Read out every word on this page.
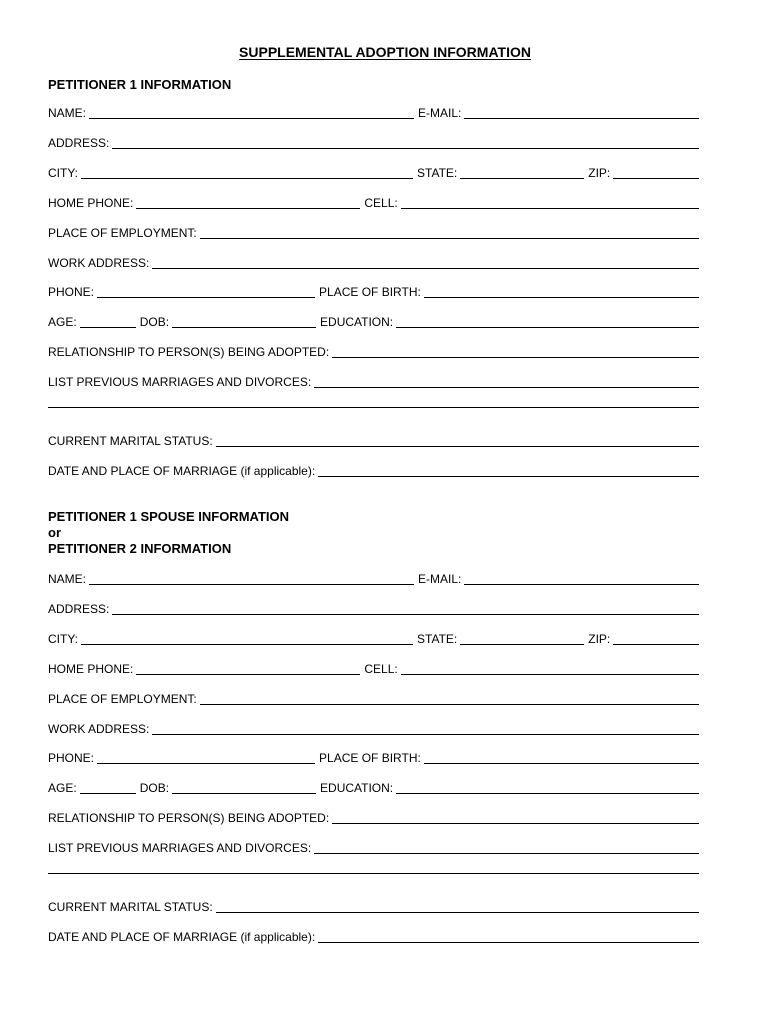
SUPPLEMENTAL ADOPTION INFORMATION
PETITIONER 1 INFORMATION
NAME:	E-MAIL:
ADDRESS:
CITY:	STATE:	ZIP:
HOME PHONE:	CELL:
PLACE OF EMPLOYMENT:
WORK ADDRESS:
PHONE:	PLACE OF BIRTH:
AGE:	DOB:	EDUCATION:
RELATIONSHIP TO PERSON(S) BEING ADOPTED:
LIST PREVIOUS MARRIAGES AND DIVORCES:
CURRENT MARITAL STATUS:
DATE AND PLACE OF MARRIAGE (if applicable):
PETITIONER 1 SPOUSE INFORMATION
or
PETITIONER 2 INFORMATION
NAME:	E-MAIL:
ADDRESS:
CITY:	STATE:	ZIP:
HOME PHONE:	CELL:
PLACE OF EMPLOYMENT:
WORK ADDRESS:
PHONE:	PLACE OF BIRTH:
AGE:	DOB:	EDUCATION:
RELATIONSHIP TO PERSON(S) BEING ADOPTED:
LIST PREVIOUS MARRIAGES AND DIVORCES:
CURRENT MARITAL STATUS:
DATE AND PLACE OF MARRIAGE (if applicable):
